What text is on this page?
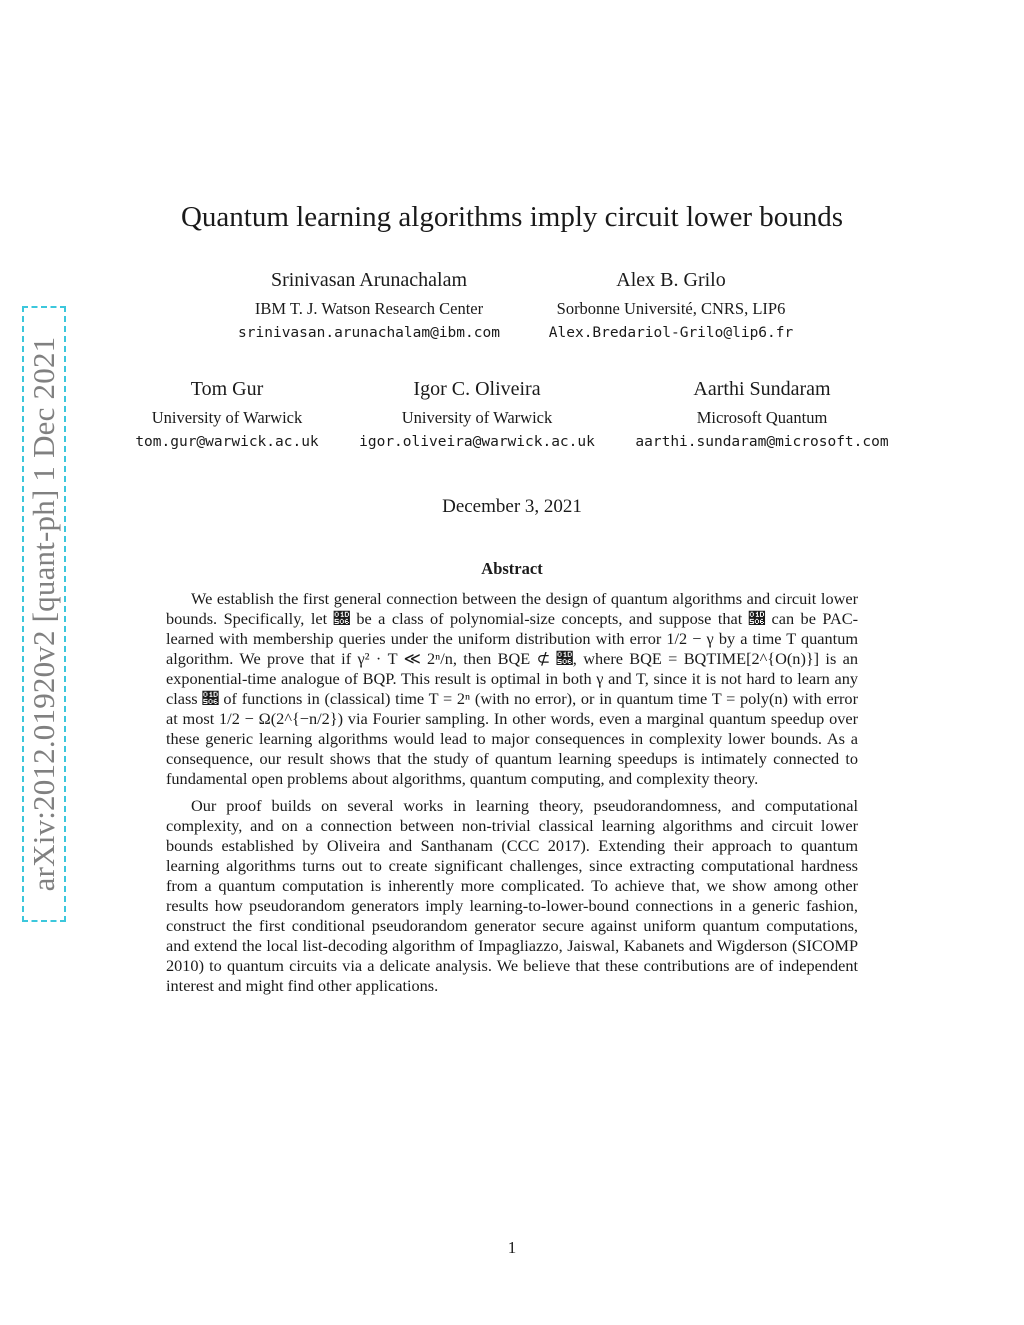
arXiv:2012.01920v2 [quant-ph] 1 Dec 2021
Quantum learning algorithms imply circuit lower bounds
Srinivasan Arunachalam
IBM T. J. Watson Research Center
srinivasan.arunachalam@ibm.com
Alex B. Grilo
Sorbonne Université, CNRS, LIP6
Alex.Bredariol-Grilo@lip6.fr
Tom Gur
University of Warwick
tom.gur@warwick.ac.uk
Igor C. Oliveira
University of Warwick
igor.oliveira@warwick.ac.uk
Aarthi Sundaram
Microsoft Quantum
aarthi.sundaram@microsoft.com
December 3, 2021
Abstract

We establish the first general connection between the design of quantum algorithms and circuit lower bounds. Specifically, let 𝔆 be a class of polynomial-size concepts, and suppose that 𝔆 can be PAC-learned with membership queries under the uniform distribution with error 1/2 − γ by a time T quantum algorithm. We prove that if γ² · T ≪ 2ⁿ/n, then BQE ⊄ 𝔆, where BQE = BQTIME[2^{O(n)}] is an exponential-time analogue of BQP. This result is optimal in both γ and T, since it is not hard to learn any class 𝔆 of functions in (classical) time T = 2ⁿ (with no error), or in quantum time T = poly(n) with error at most 1/2 − Ω(2^{−n/2}) via Fourier sampling. In other words, even a marginal quantum speedup over these generic learning algorithms would lead to major consequences in complexity lower bounds. As a consequence, our result shows that the study of quantum learning speedups is intimately connected to fundamental open problems about algorithms, quantum computing, and complexity theory.

Our proof builds on several works in learning theory, pseudorandomness, and computational complexity, and on a connection between non-trivial classical learning algorithms and circuit lower bounds established by Oliveira and Santhanam (CCC 2017). Extending their approach to quantum learning algorithms turns out to create significant challenges, since extracting computational hardness from a quantum computation is inherently more complicated. To achieve that, we show among other results how pseudorandom generators imply learning-to-lower-bound connections in a generic fashion, construct the first conditional pseudorandom generator secure against uniform quantum computations, and extend the local list-decoding algorithm of Impagliazzo, Jaiswal, Kabanets and Wigderson (SICOMP 2010) to quantum circuits via a delicate analysis. We believe that these contributions are of independent interest and might find other applications.

1
